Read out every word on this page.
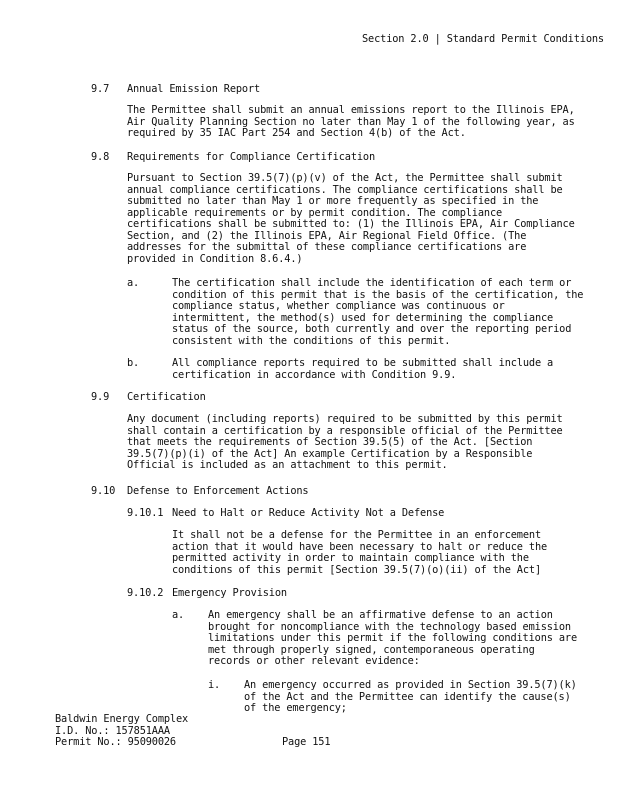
Section 2.0 | Standard Permit Conditions
9.7 Annual Emission Report
The Permittee shall submit an annual emissions report to the Illinois EPA,
Air Quality Planning Section no later than May 1 of the following year, as
required by 35 IAC Part 254 and Section 4(b) of the Act.
9.8 Requirements for Compliance Certification
Pursuant to Section 39.5(7)(p)(v) of the Act, the Permittee shall submit
annual compliance certifications. The compliance certifications shall be
submitted no later than May 1 or more frequently as specified in the
applicable requirements or by permit condition. The compliance
certifications shall be submitted to: (1) the Illinois EPA, Air Compliance
Section, and (2) the Illinois EPA, Air Regional Field Office. (The
addresses for the submittal of these compliance certifications are
provided in Condition 8.6.4.)
a.	The certification shall include the identification of each term or
condition of this permit that is the basis of the certification, the
compliance status, whether compliance was continuous or
intermittent, the method(s) used for determining the compliance
status of the source, both currently and over the reporting period
consistent with the conditions of this permit.
b.	All compliance reports required to be submitted shall include a
certification in accordance with Condition 9.9.
9.9 Certification
Any document (including reports) required to be submitted by this permit
shall contain a certification by a responsible official of the Permittee
that meets the requirements of Section 39.5(5) of the Act. [Section
39.5(7)(p)(i) of the Act] An example Certification by a Responsible
Official is included as an attachment to this permit.
9.10 Defense to Enforcement Actions
9.10.1 Need to Halt or Reduce Activity Not a Defense
It shall not be a defense for the Permittee in an enforcement
action that it would have been necessary to halt or reduce the
permitted activity in order to maintain compliance with the
conditions of this permit [Section 39.5(7)(o)(ii) of the Act]
9.10.2 Emergency Provision
a. An emergency shall be an affirmative defense to an action
brought for noncompliance with the technology based emission
limitations under this permit if the following conditions are
met through properly signed, contemporaneous operating
records or other relevant evidence:
i. An emergency occurred as provided in Section 39.5(7)(k)
of the Act and the Permittee can identify the cause(s)
of the emergency;
Baldwin Energy Complex
I.D. No.: 157851AAA
Permit No.: 95090026	Page 151
